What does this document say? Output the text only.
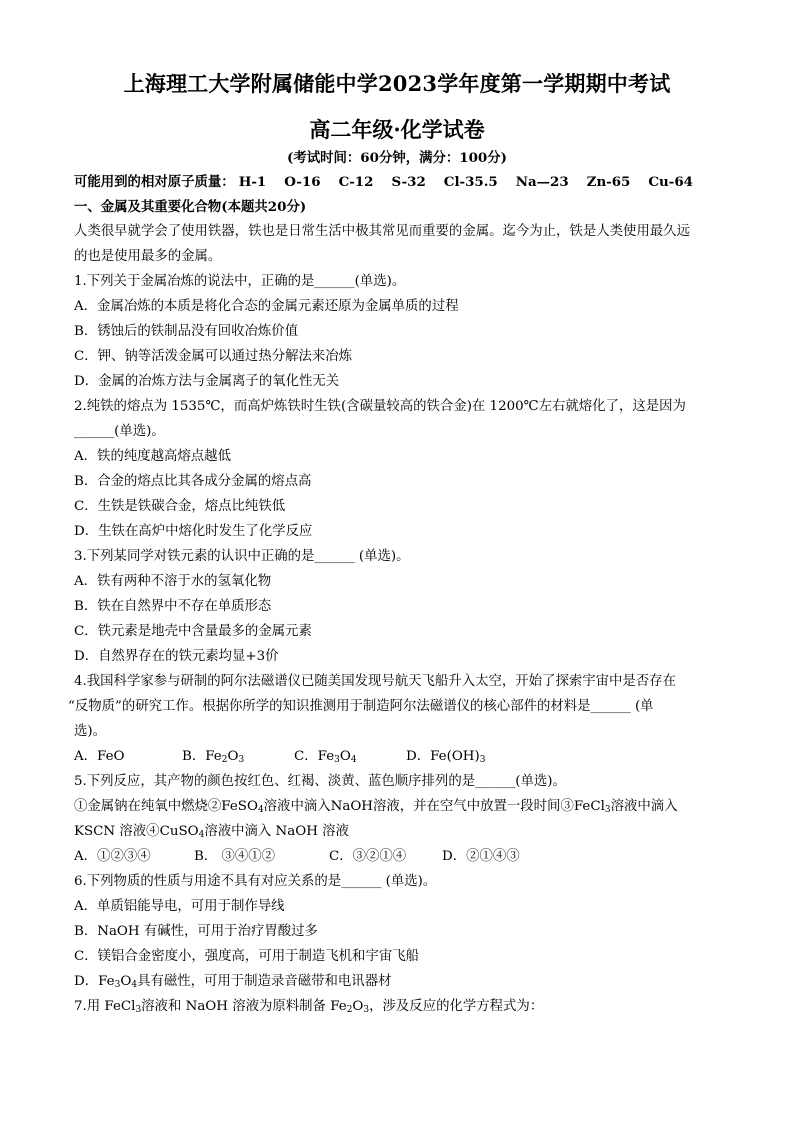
上海理工大学附属储能中学2023学年度第一学期期中考试
高二年级·化学试卷
(考试时间：60分钟，满分：100分)
可能用到的相对原子质量： H-1 O-16 C-12 S-32 Cl-35.5 Na—23 Zn-65 Cu-64
一、金属及其重要化合物(本题共20分)
人类很早就学会了使用铁器，铁也是日常生活中极其常见而重要的金属。迄今为止，铁是人类使用最久远
的也是使用最多的金属。
1.下列关于金属冶炼的说法中，正确的是______(单选)。
A．金属冶炼的本质是将化合态的金属元素还原为金属单质的过程
B．锈蚀后的铁制品没有回收冶炼价值
C．钾、钠等活泼金属可以通过热分解法来冶炼
D．金属的冶炼方法与金属离子的氧化性无关
2.纯铁的熔点为 1535℃，而高炉炼铁时生铁(含碳量较高的铁合金)在 1200℃左右就熔化了，这是因为
______(单选)。
A．铁的纯度越高熔点越低
B．合金的熔点比其各成分金属的熔点高
C．生铁是铁碳合金，熔点比纯铁低
D．生铁在高炉中熔化时发生了化学反应
3.下列某同学对铁元素的认识中正确的是______ (单选)。
A．铁有两种不溶于水的氢氧化物
B．铁在自然界中不存在单质形态
C．铁元素是地壳中含量最多的金属元素
D．自然界存在的铁元素均显+3价
4.我国科学家参与研制的阿尔法磁谱仪已随美国发现号航天飞船升入太空，开始了探索宇宙中是否存在
“反物质”的研究工作。根据你所学的知识推测用于制造阿尔法磁谱仪的核心部件的材料是______ (单
选)。
A．FeO	B．$Fe_2O_3$	C．$Fe_3O_4$	D．$Fe(OH)_3$
5.下列反应，其产物的颜色按红色、红褐、淡黄、蓝色顺序排列的是______(单选)。
①金属钠在纯氧中燃烧②FeSO$_4$溶液中滴入NaOH溶液，并在空气中放置一段时间③FeCl$_3$溶液中滴入
KSCN 溶液④CuSO$_4$溶液中滴入 NaOH 溶液
A．①②③④	B． ③④①②	C．③②①④	D．②①④③
6.下列物质的性质与用途不具有对应关系的是______ (单选)。
A．单质铝能导电，可用于制作导线
B．NaOH 有碱性，可用于治疗胃酸过多
C．镁铝合金密度小，强度高，可用于制造飞机和宇宙飞船
D．$Fe_3O_4$具有磁性，可用于制造录音磁带和电讯器材
7.用 FeCl$_3$溶液和 NaOH 溶液为原料制备 $Fe_2O_3$，涉及反应的化学方程式为：
